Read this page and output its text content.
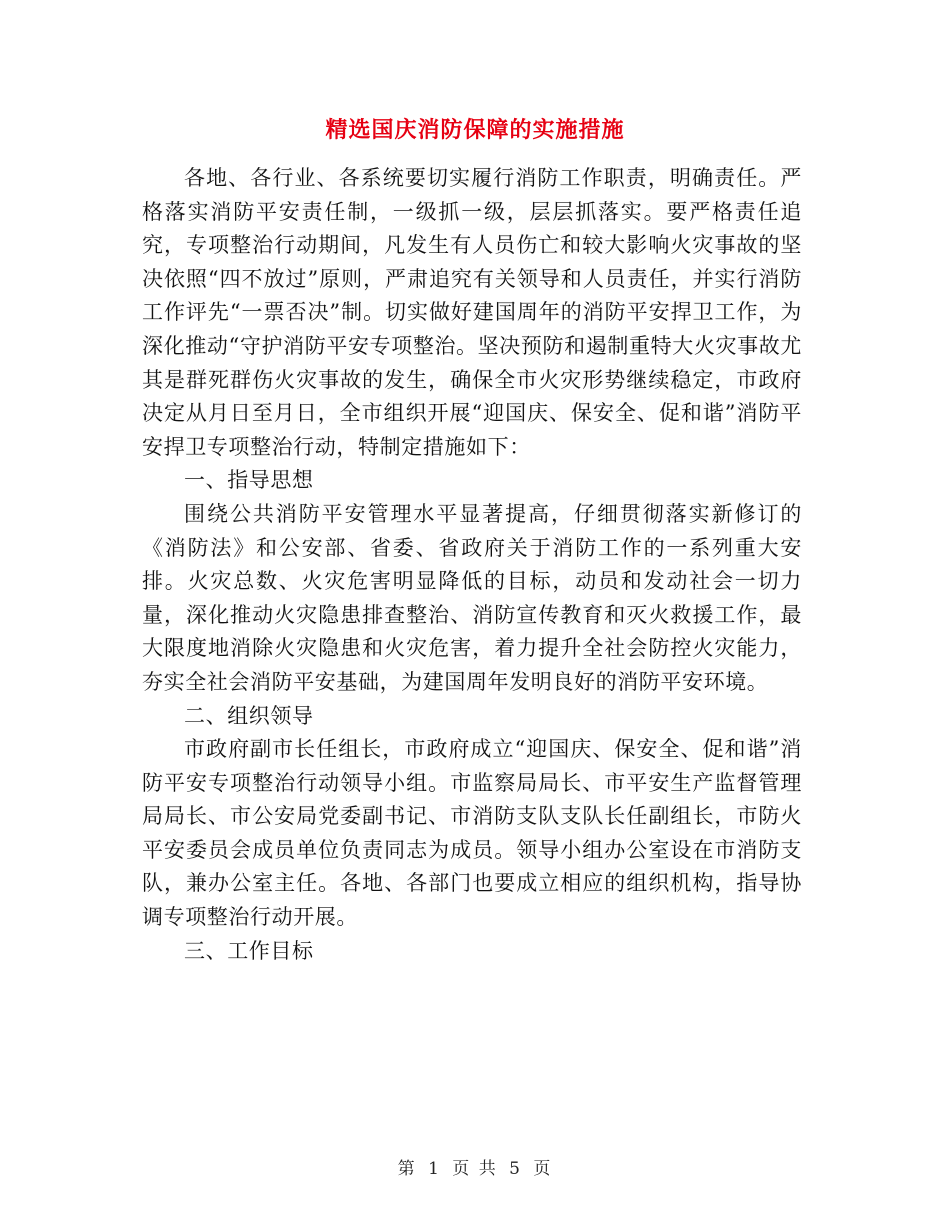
精选国庆消防保障的实施措施

各地、各行业、各系统要切实履行消防工作职责，明确责任。严格落实消防平安责任制，一级抓一级，层层抓落实。要严格责任追究，专项整治行动期间，凡发生有人员伤亡和较大影响火灾事故的坚决依照“四不放过”原则，严肃追究有关领导和人员责任，并实行消防工作评先“一票否决”制。切实做好建国周年的消防平安捍卫工作，为深化推动“守护消防平安专项整治。坚决预防和遏制重特大火灾事故尤其是群死群伤火灾事故的发生，确保全市火灾形势继续稳定，市政府决定从月日至月日，全市组织开展“迎国庆、保安全、促和谐”消防平安捍卫专项整治行动，特制定措施如下：

一、指导思想

围绕公共消防平安管理水平显著提高，仔细贯彻落实新修订的《消防法》和公安部、省委、省政府关于消防工作的一系列重大安排。火灾总数、火灾危害明显降低的目标，动员和发动社会一切力量，深化推动火灾隐患排查整治、消防宣传教育和灭火救援工作，最大限度地消除火灾隐患和火灾危害，着力提升全社会防控火灾能力，夯实全社会消防平安基础，为建国周年发明良好的消防平安环境。

二、组织领导

市政府副市长任组长，市政府成立“迎国庆、保安全、促和谐”消防平安专项整治行动领导小组。市监察局局长、市平安生产监督管理局局长、市公安局党委副书记、市消防支队支队长任副组长，市防火平安委员会成员单位负责同志为成员。领导小组办公室设在市消防支队，兼办公室主任。各地、各部门也要成立相应的组织机构，指导协调专项整治行动开展。

三、工作目标

第 1 页 共 5 页
